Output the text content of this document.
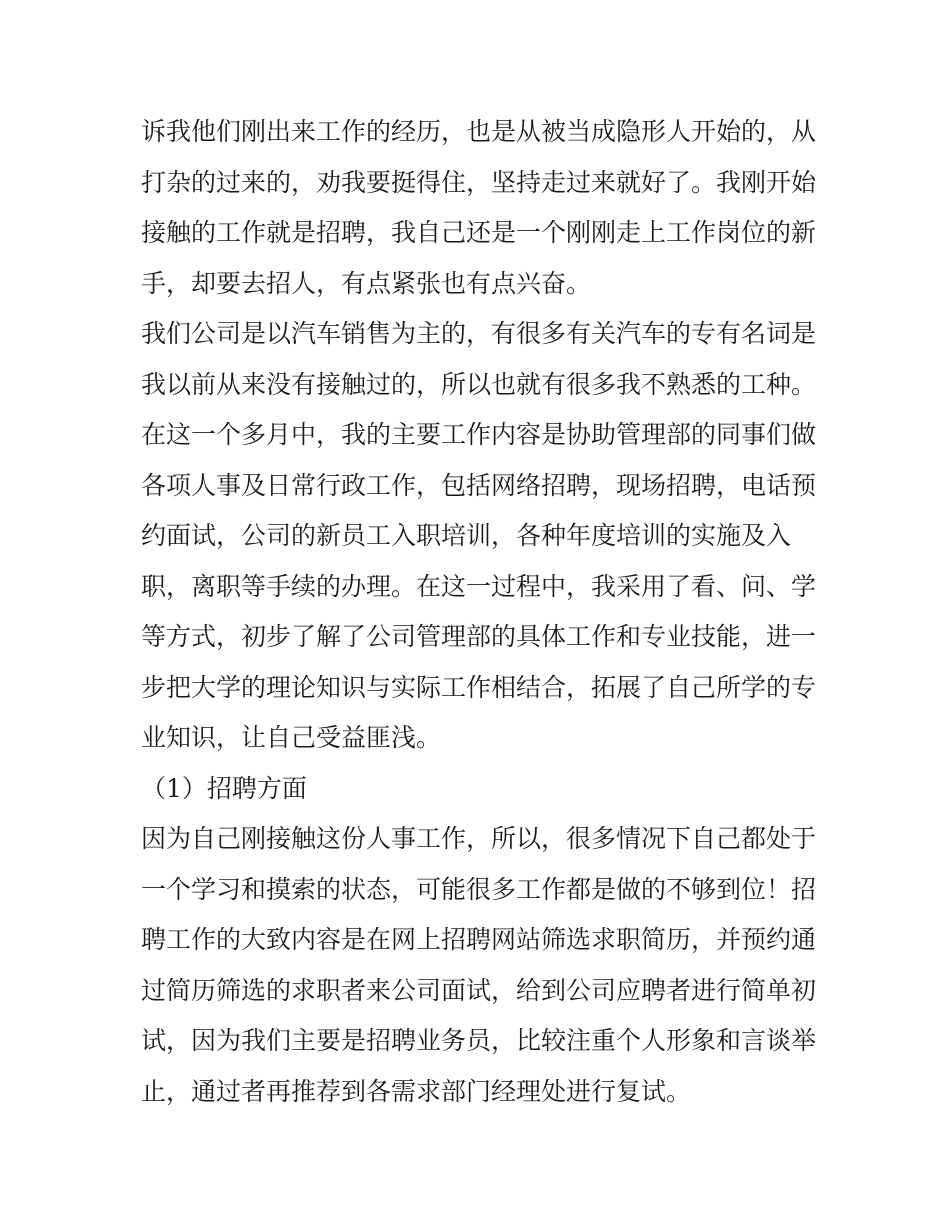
诉我他们刚出来工作的经历，也是从被当成隐形人开始的，从
打杂的过来的，劝我要挺得住，坚持走过来就好了。我刚开始
接触的工作就是招聘，我自己还是一个刚刚走上工作岗位的新
手，却要去招人，有点紧张也有点兴奋。
我们公司是以汽车销售为主的，有很多有关汽车的专有名词是
我以前从来没有接触过的，所以也就有很多我不熟悉的工种。
在这一个多月中，我的主要工作内容是协助管理部的同事们做
各项人事及日常行政工作，包括网络招聘，现场招聘，电话预
约面试，公司的新员工入职培训，各种年度培训的实施及入
职，离职等手续的办理。在这一过程中，我采用了看、问、学
等方式，初步了解了公司管理部的具体工作和专业技能，进一
步把大学的理论知识与实际工作相结合，拓展了自己所学的专
业知识，让自己受益匪浅。
（1）招聘方面
因为自己刚接触这份人事工作，所以，很多情况下自己都处于
一个学习和摸索的状态，可能很多工作都是做的不够到位！招
聘工作的大致内容是在网上招聘网站筛选求职简历，并预约通
过简历筛选的求职者来公司面试，给到公司应聘者进行简单初
试，因为我们主要是招聘业务员，比较注重个人形象和言谈举
止，通过者再推荐到各需求部门经理处进行复试。
